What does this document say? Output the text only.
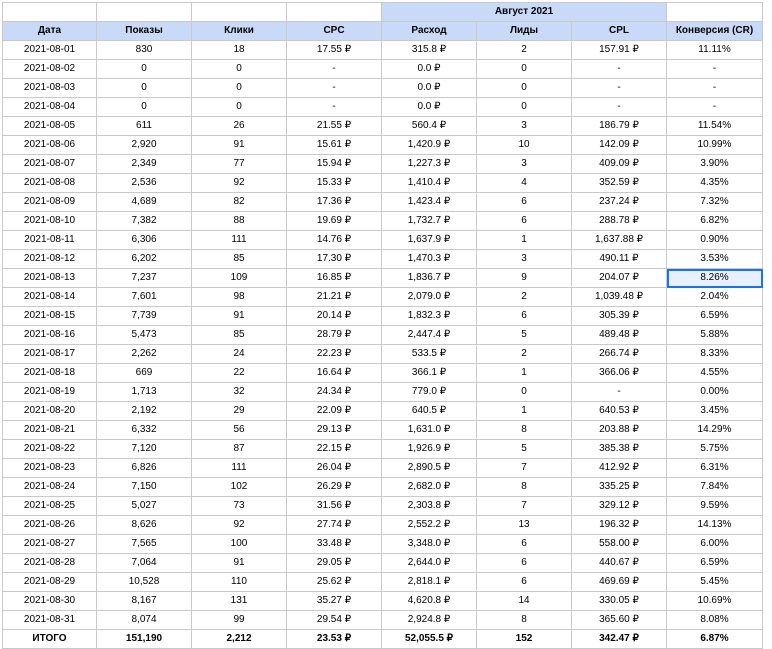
				Август 2021			
Дата	Показы	Клики	CPC	Расход	Лиды	CPL	Конверсия (CR)
2021-08-01	830	18	17.55 ₽	315.8 ₽	2	157.91 ₽	11.11%
2021-08-02	0	0	-	0.0 ₽	0	-	-
2021-08-03	0	0	-	0.0 ₽	0	-	-
2021-08-04	0	0	-	0.0 ₽	0	-	-
2021-08-05	611	26	21.55 ₽	560.4 ₽	3	186.79 ₽	11.54%
2021-08-06	2,920	91	15.61 ₽	1,420.9 ₽	10	142.09 ₽	10.99%
2021-08-07	2,349	77	15.94 ₽	1,227.3 ₽	3	409.09 ₽	3.90%
2021-08-08	2,536	92	15.33 ₽	1,410.4 ₽	4	352.59 ₽	4.35%
2021-08-09	4,689	82	17.36 ₽	1,423.4 ₽	6	237.24 ₽	7.32%
2021-08-10	7,382	88	19.69 ₽	1,732.7 ₽	6	288.78 ₽	6.82%
2021-08-11	6,306	111	14.76 ₽	1,637.9 ₽	1	1,637.88 ₽	0.90%
2021-08-12	6,202	85	17.30 ₽	1,470.3 ₽	3	490.11 ₽	3.53%
2021-08-13	7,237	109	16.85 ₽	1,836.7 ₽	9	204.07 ₽	8.26%
2021-08-14	7,601	98	21.21 ₽	2,079.0 ₽	2	1,039.48 ₽	2.04%
2021-08-15	7,739	91	20.14 ₽	1,832.3 ₽	6	305.39 ₽	6.59%
2021-08-16	5,473	85	28.79 ₽	2,447.4 ₽	5	489.48 ₽	5.88%
2021-08-17	2,262	24	22.23 ₽	533.5 ₽	2	266.74 ₽	8.33%
2021-08-18	669	22	16.64 ₽	366.1 ₽	1	366.06 ₽	4.55%
2021-08-19	1,713	32	24.34 ₽	779.0 ₽	0	-	0.00%
2021-08-20	2,192	29	22.09 ₽	640.5 ₽	1	640.53 ₽	3.45%
2021-08-21	6,332	56	29.13 ₽	1,631.0 ₽	8	203.88 ₽	14.29%
2021-08-22	7,120	87	22.15 ₽	1,926.9 ₽	5	385.38 ₽	5.75%
2021-08-23	6,826	111	26.04 ₽	2,890.5 ₽	7	412.92 ₽	6.31%
2021-08-24	7,150	102	26.29 ₽	2,682.0 ₽	8	335.25 ₽	7.84%
2021-08-25	5,027	73	31.56 ₽	2,303.8 ₽	7	329.12 ₽	9.59%
2021-08-26	8,626	92	27.74 ₽	2,552.2 ₽	13	196.32 ₽	14.13%
2021-08-27	7,565	100	33.48 ₽	3,348.0 ₽	6	558.00 ₽	6.00%
2021-08-28	7,064	91	29.05 ₽	2,644.0 ₽	6	440.67 ₽	6.59%
2021-08-29	10,528	110	25.62 ₽	2,818.1 ₽	6	469.69 ₽	5.45%
2021-08-30	8,167	131	35.27 ₽	4,620.8 ₽	14	330.05 ₽	10.69%
2021-08-31	8,074	99	29.54 ₽	2,924.8 ₽	8	365.60 ₽	8.08%
ИТОГО	151,190	2,212	23.53 ₽	52,055.5 ₽	152	342.47 ₽	6.87%
